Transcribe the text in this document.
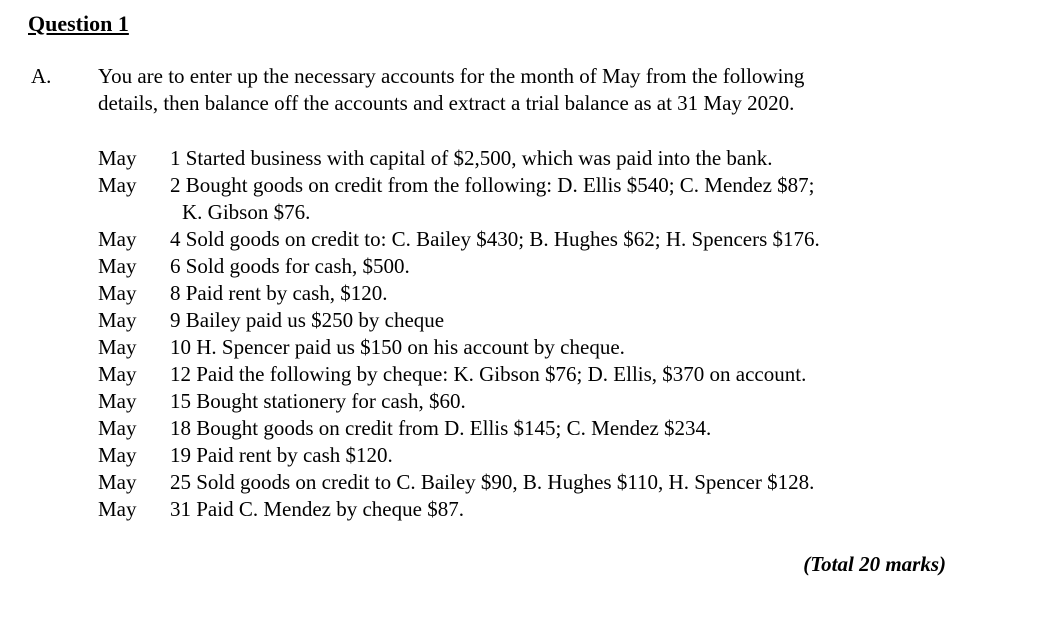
Question 1
A. You are to enter up the necessary accounts for the month of May from the following
details, then balance off the accounts and extract a trial balance as at 31 May 2020.
May	1 Started business with capital of $2,500, which was paid into the bank.
May	2 Bought goods on credit from the following: D. Ellis $540; C. Mendez $87;
K. Gibson $76.
May	4 Sold goods on credit to: C. Bailey $430; B. Hughes $62; H. Spencers $176.
May	6 Sold goods for cash, $500.
May	8 Paid rent by cash, $120.
May	9 Bailey paid us $250 by cheque
May	10 H. Spencer paid us $150 on his account by cheque.
May	12 Paid the following by cheque: K. Gibson $76; D. Ellis, $370 on account.
May	15 Bought stationery for cash, $60.
May	18 Bought goods on credit from D. Ellis $145; C. Mendez $234.
May	19 Paid rent by cash $120.
May	25 Sold goods on credit to C. Bailey $90, B. Hughes $110, H. Spencer $128.
May	31 Paid C. Mendez by cheque $87.
(Total 20 marks)
